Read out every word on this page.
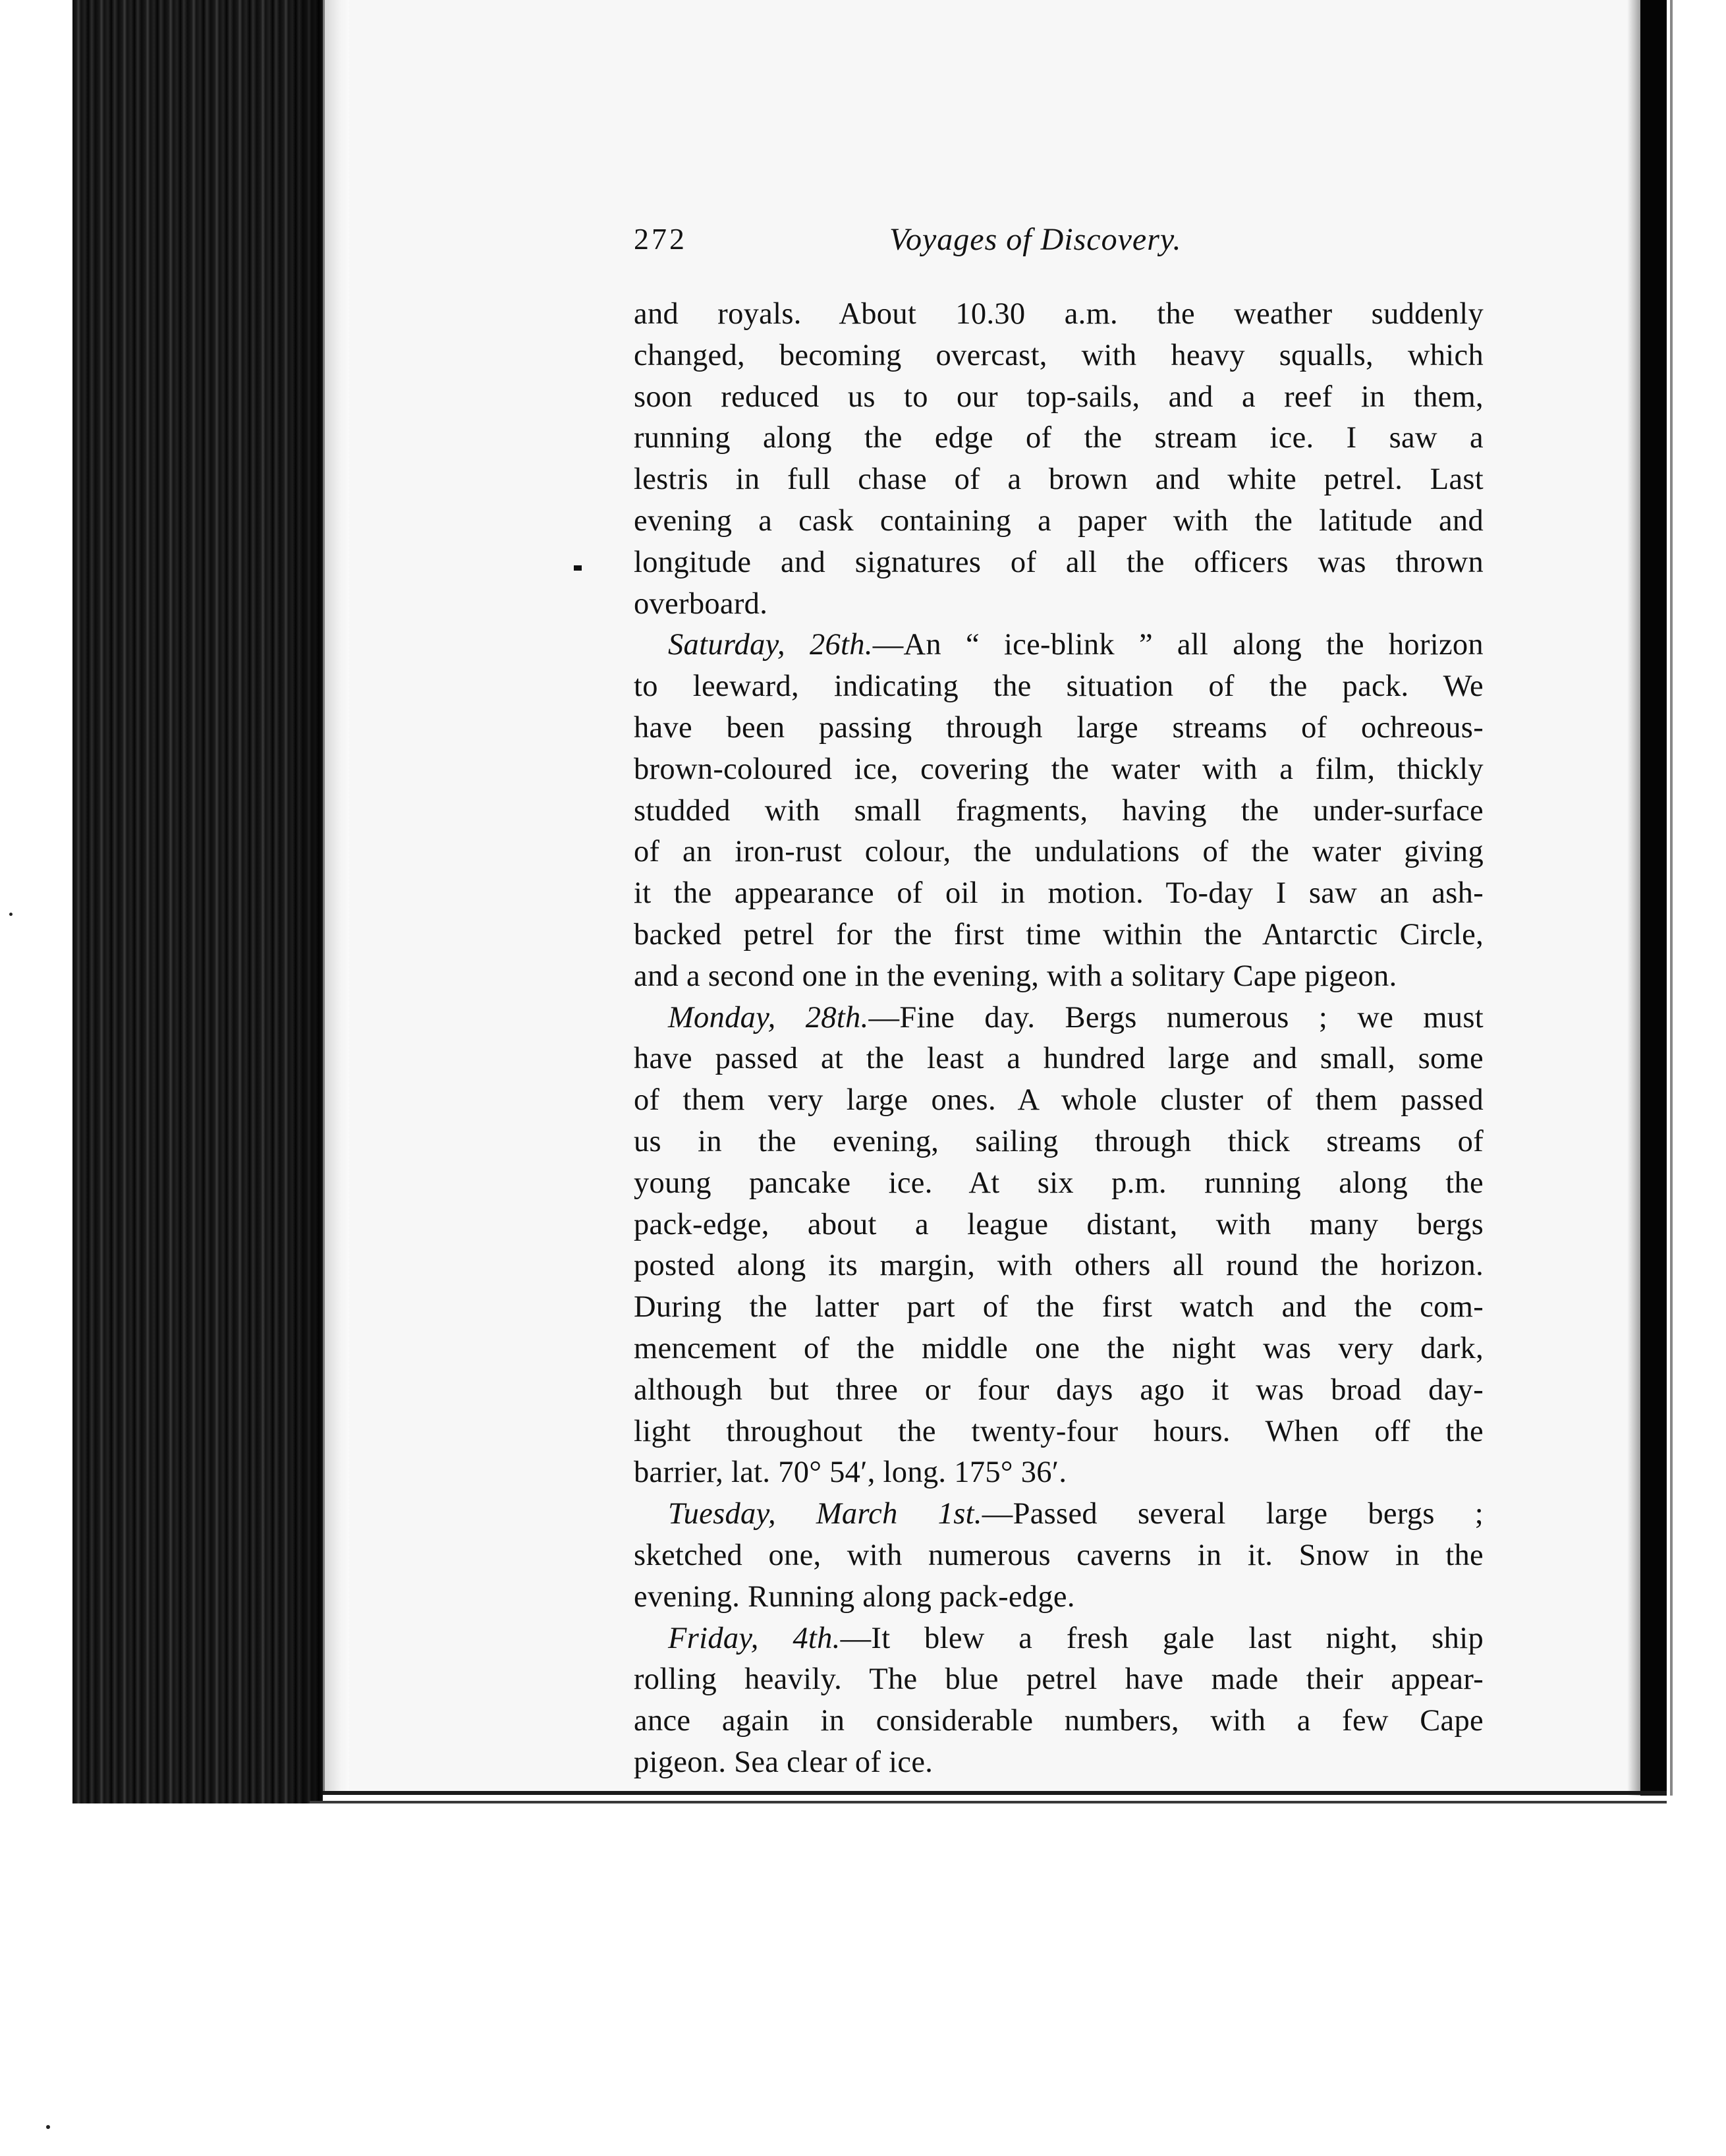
272	Voyages of Discovery.
and royals. About 10.30 a.m. the weather suddenly
changed, becoming overcast, with heavy squalls, which
soon reduced us to our top-sails, and a reef in them,
running along the edge of the stream ice. I saw a
lestris in full chase of a brown and white petrel. Last
evening a cask containing a paper with the latitude and
longitude and signatures of all the officers was thrown
overboard.
Saturday, 26th.—An “ ice-blink ” all along the horizon
to leeward, indicating the situation of the pack. We
have been passing through large streams of ochreous-
brown-coloured ice, covering the water with a film, thickly
studded with small fragments, having the under-surface
of an iron-rust colour, the undulations of the water giving
it the appearance of oil in motion. To-day I saw an ash-
backed petrel for the first time within the Antarctic Circle,
and a second one in the evening, with a solitary Cape pigeon.
Monday, 28th.—Fine day. Bergs numerous ; we must
have passed at the least a hundred large and small, some
of them very large ones. A whole cluster of them passed
us in the evening, sailing through thick streams of
young pancake ice. At six p.m. running along the
pack-edge, about a league distant, with many bergs
posted along its margin, with others all round the horizon.
During the latter part of the first watch and the com-
mencement of the middle one the night was very dark,
although but three or four days ago it was broad day-
light throughout the twenty-four hours. When off the
barrier, lat. 70° 54′, long. 175° 36′.
Tuesday, March 1st.—Passed several large bergs ;
sketched one, with numerous caverns in it. Snow in the
evening. Running along pack-edge.
Friday, 4th.—It blew a fresh gale last night, ship
rolling heavily. The blue petrel have made their appear-
ance again in considerable numbers, with a few Cape
pigeon. Sea clear of ice.
